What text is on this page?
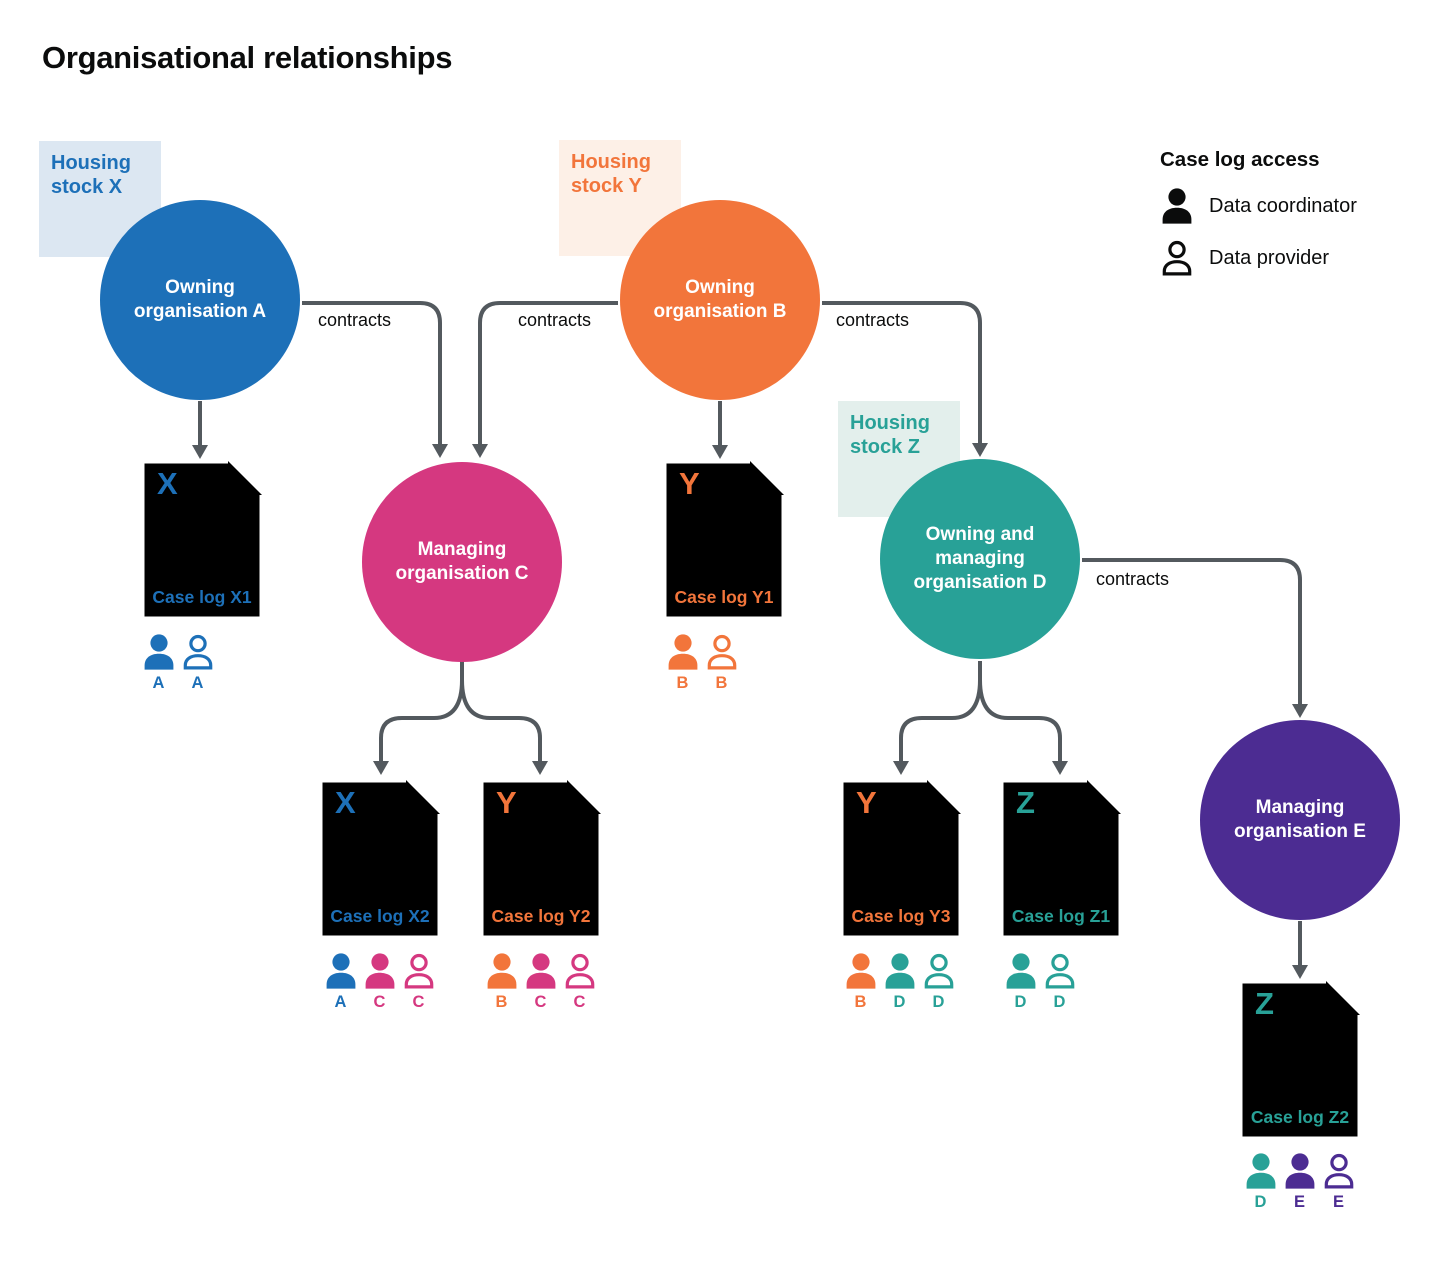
Organisational relationships
contracts	contracts	contracts
contracts
Housing stock X
Housing stock Y
Housing stock Z
Owning organisation A
Owning organisation B
Managing organisation C
Owning and managing organisation D
Managing organisation E
X
Case log X1
Y
Case log Y1
X
Case log X2
Y
Case log Y2
Y
Case log Y3
Z
Case log Z1
Z
Case log Z2
A A	B B
A C C	B C C	B D D	D D
D E E
Case log access
Data coordinator
Data provider
